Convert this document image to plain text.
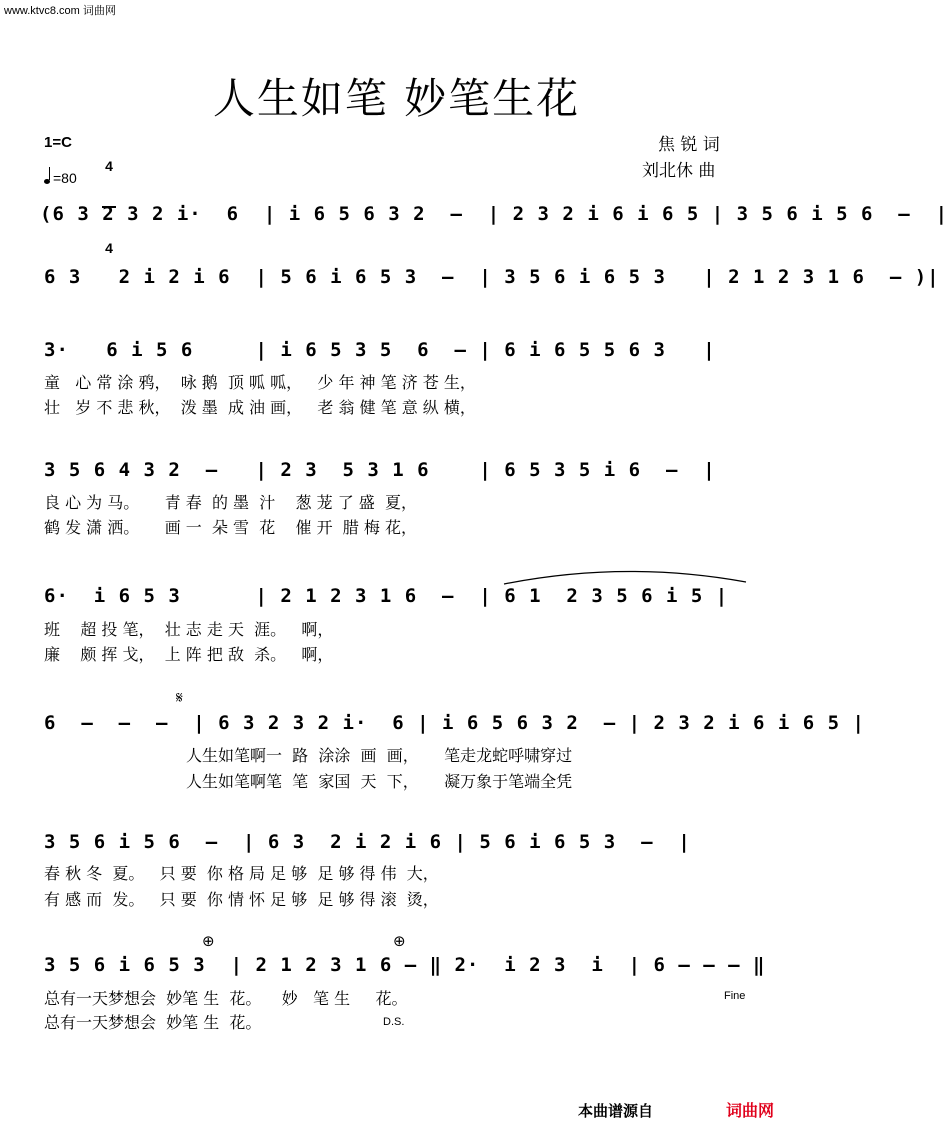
www.ktvc8.com 词曲网
人生如笔 妙笔生花
焦 锐 词
刘北休 曲
1=C

4

4

=80
(6 3 2 3 2 i·  6  | i 6 5 6 3 2  –  | 2 3 2 i 6 i 6 5 | 3 5 6 i 5 6  –  |
6 3   2 i 2 i 6  | 5 6 i 6 5 3  –  | 3 5 6 i 6 5 3   | 2 1 2 3 1 6  – )|
3·   6 i 5 6     | i 6 5 3 5  6  – | 6 i 6 5 5 6 3   |
童   心 常 涂 鸦，  咏 鹅  顶 呱 呱，   少 年 神 笔 济 苍 生，
壮   岁 不 悲 秋，  泼 墨  成 油 画，   老 翁 健 笔 意 纵 横，
3 5 6 4 3 2  –   | 2 3  5 3 1 6    | 6 5 3 5 i 6  –  |
良 心 为 马。     青 春  的 墨  汁    葱 茏 了 盛  夏，
鹤 发 潇 洒。     画 一  朵 雪  花    催 开  腊 梅 花，
6·  i 6 5 3      | 2 1 2 3 1 6  –  | 6 1  2 3 5 6 i 5 |
班    超 投 笔，  壮 志 走 天  涯。   啊，
廉    颇 挥 戈，  上 阵 把 敌  杀。   啊，
𝄋
6  –  –  –  | 6 3 2 3 2 i·  6 | i 6 5 6 3 2  – | 2 3 2 i 6 i 6 5 |
人生如笔啊一  路  涂涂  画  画，     笔走龙蛇呼啸穿过
人生如笔啊笔  笔  家国  天  下，     凝万象于笔端全凭
3 5 6 i 5 6  –  | 6 3  2 i 2 i 6 | 5 6 i 6 5 3  –  |
春 秋 冬  夏。   只 要  你 格 局 足 够  足 够 得 伟  大，
有 感 而  发。   只 要  你 情 怀 足 够  足 够 得 滚  烫，
⊕	⊕
3 5 6 i 6 5 3  | 2 1 2 3 1 6 – ‖ 2·  i 2 3  i  | 6 – – – ‖
总有一天梦想会  妙笔 生  花。    妙   笔 生     花。
总有一天梦想会  妙笔 生  花。
Fine
D.S.
本曲谱源自	词曲网
